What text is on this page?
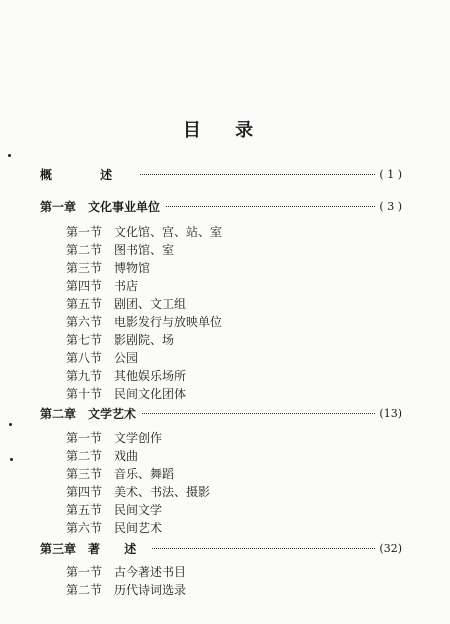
目 录
概 述	( 1 )
第一章 文化事业单位	( 3 )
第一节 文化馆、宫、站、室
第二节 图书馆、室
第三节 博物馆
第四节 书店
第五节 剧团、文工组
第六节 电影发行与放映单位
第七节 影剧院、场
第八节 公园
第九节 其他娱乐场所
第十节 民间文化团体
第二章 文学艺术	(13)
第一节 文学创作
第二节 戏曲
第三节 音乐、舞蹈
第四节 美术、书法、摄影
第五节 民间文学
第六节 民间艺术
第三章 著 述	(32)
第一节 古今著述书目
第二节 历代诗词选录
